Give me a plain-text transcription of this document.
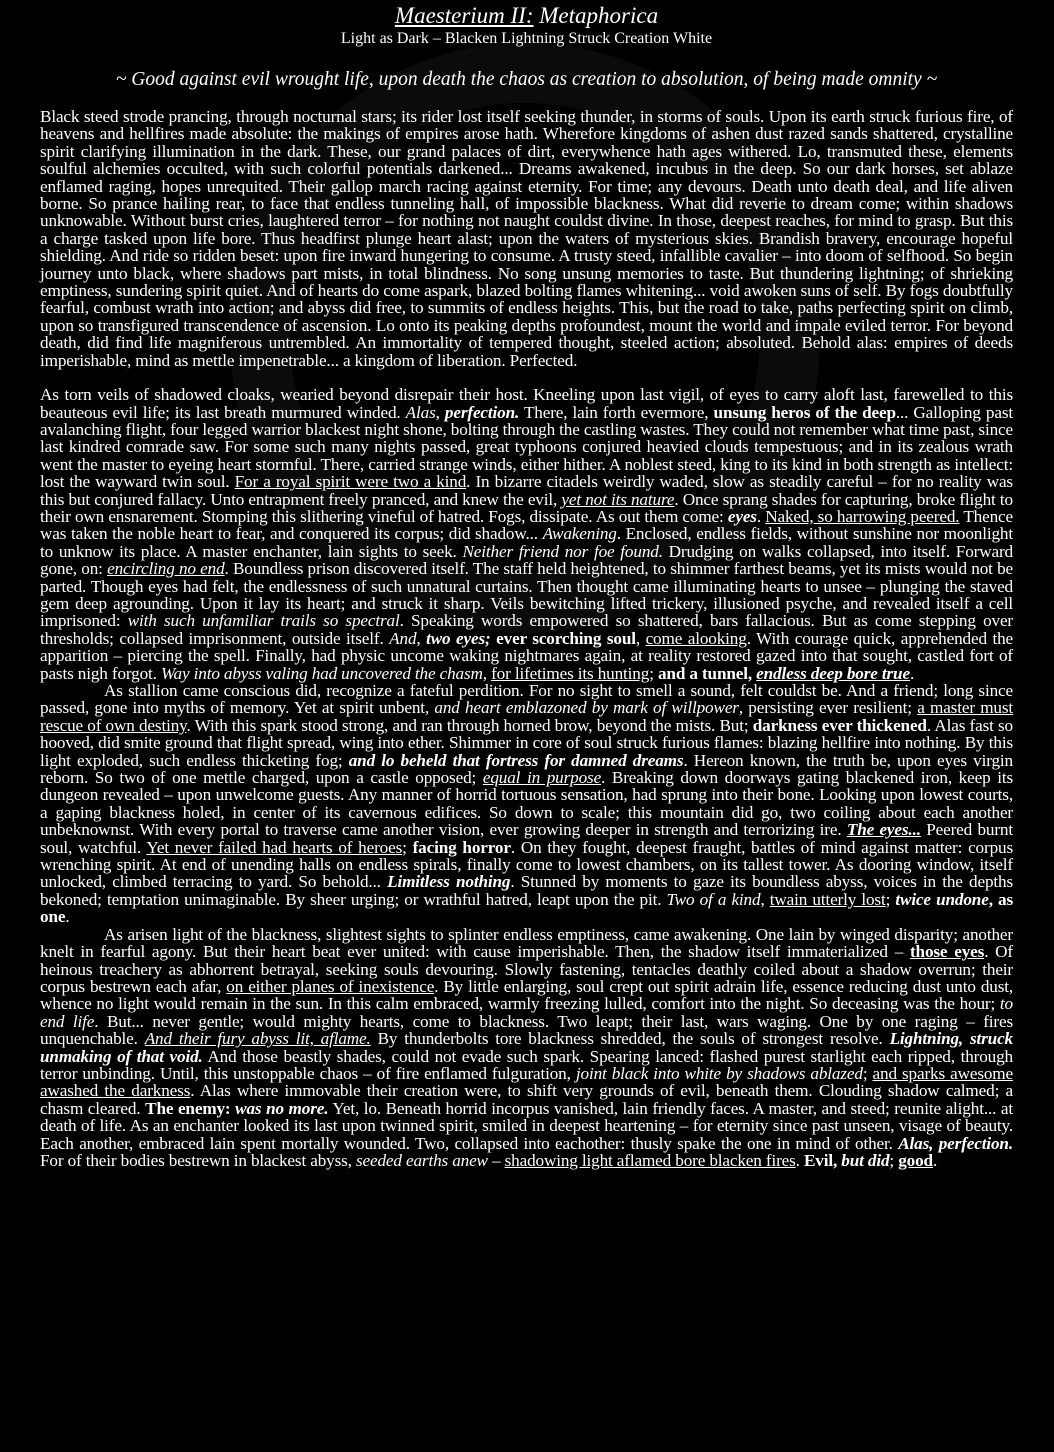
Maesterium II: Metaphorica
Light as Dark – Blacken Lightning Struck Creation White
~ Good against evil wrought life, upon death the chaos as creation to absolution, of being made omnity ~

Black steed strode prancing, through nocturnal stars; its rider lost itself seeking thunder, in storms of souls. Upon its earth struck furious fire, of heavens and hellfires made absolute: the makings of empires arose hath. Wherefore kingdoms of ashen dust razed sands shattered, crystalline spirit clarifying illumination in the dark. These, our grand palaces of dirt, everywhence hath ages withered. Lo, transmuted these, elements soulful alchemies occulted, with such colorful potentials darkened... Dreams awakened, incubus in the deep. So our dark horses, set ablaze enflamed raging, hopes unrequited. Their gallop march racing against eternity. For time; any devours. Death unto death deal, and life aliven borne. So prance hailing rear, to face that endless tunneling hall, of impossible blackness. What did reverie to dream come; within shadows unknowable. Without burst cries, laughtered terror – for nothing not naught couldst divine. In those, deepest reaches, for mind to grasp. But this a charge tasked upon life bore. Thus headfirst plunge heart alast; upon the waters of mysterious skies. Brandish bravery, encourage hopeful shielding. And ride so ridden beset: upon fire inward hungering to consume. A trusty steed, infallible cavalier – into doom of selfhood. So begin journey unto black, where shadows part mists, in total blindness. No song unsung memories to taste. But thundering lightning; of shrieking emptiness, sundering spirit quiet. And of hearts do come aspark, blazed bolting flames whitening... void awoken suns of self. By fogs doubtfully fearful, combust wrath into action; and abyss did free, to summits of endless heights. This, but the road to take, paths perfecting spirit on climb, upon so transfigured transcendence of ascension. Lo onto its peaking depths profoundest, mount the world and impale eviled terror. For beyond death, did find life magniferous untrembled. An immortality of tempered thought, steeled action; absoluted. Behold alas: empires of deeds imperishable, mind as mettle impenetrable... a kingdom of liberation. Perfected.

As torn veils of shadowed cloaks, wearied beyond disrepair their host. Kneeling upon last vigil, of eyes to carry aloft last, farewelled to this beauteous evil life; its last breath murmured winded. Alas, perfection. There, lain forth evermore, unsung heros of the deep... Galloping past avalanching flight, four legged warrior blackest night shone, bolting through the castling wastes. They could not remember what time past, since last kindred comrade saw. For some such many nights passed, great typhoons conjured heavied clouds tempestuous; and in its zealous wrath went the master to eyeing heart stormful. There, carried strange winds, either hither. A noblest steed, king to its kind in both strength as intellect: lost the wayward twin soul. For a royal spirit were two a kind. In bizarre citadels weirdly waded, slow as steadily careful – for no reality was this but conjured fallacy. Unto entrapment freely pranced, and knew the evil, yet not its nature. Once sprang shades for capturing, broke flight to their own ensnarement. Stomping this slithering vineful of hatred. Fogs, dissipate. As out them come: eyes. Naked, so harrowing peered. Thence was taken the noble heart to fear, and conquered its corpus; did shadow... Awakening. Enclosed, endless fields, without sunshine nor moonlight to unknow its place. A master enchanter, lain sights to seek. Neither friend nor foe found. Drudging on walks collapsed, into itself. Forward gone, on: encircling no end. Boundless prison discovered itself. The staff held heightened, to shimmer farthest beams, yet its mists would not be parted. Though eyes had felt, the endlessness of such unnatural curtains. Then thought came illuminating hearts to unsee – plunging the staved gem deep agrounding. Upon it lay its heart; and struck it sharp. Veils bewitching lifted trickery, illusioned psyche, and revealed itself a cell imprisoned: with such unfamiliar trails so spectral. Speaking words empowered so shattered, bars fallacious. But as come stepping over thresholds; collapsed imprisonment, outside itself. And, two eyes; ever scorching soul, come alooking. With courage quick, apprehended the apparition – piercing the spell. Finally, had physic uncome waking nightmares again, at reality restored gazed into that sought, castled fort of pasts nigh forgot. Way into abyss valing had uncovered the chasm, for lifetimes its hunting; and a tunnel, endless deep bore true.

As stallion came conscious did, recognize a fateful perdition. For no sight to smell a sound, felt couldst be. And a friend; long since passed, gone into myths of memory. Yet at spirit unbent, and heart emblazoned by mark of willpower, persisting ever resilient; a master must rescue of own destiny. With this spark stood strong, and ran through horned brow, beyond the mists. But; darkness ever thickened. Alas fast so hooved, did smite ground that flight spread, wing into ether. Shimmer in core of soul struck furious flames: blazing hellfire into nothing. By this light exploded, such endless thicketing fog; and lo beheld that fortress for damned dreams. Hereon known, the truth be, upon eyes virgin reborn. So two of one mettle charged, upon a castle opposed; equal in purpose. Breaking down doorways gating blackened iron, keep its dungeon revealed – upon unwelcome guests. Any manner of horrid tortuous sensation, had sprung into their bone. Looking upon lowest courts, a gaping blackness holed, in center of its cavernous edifices. So down to scale; this mountain did go, two coiling about each another unbeknownst. With every portal to traverse came another vision, ever growing deeper in strength and terrorizing ire. The eyes... Peered burnt soul, watchful. Yet never failed had hearts of heroes; facing horror. On they fought, deepest fraught, battles of mind against matter: corpus wrenching spirit. At end of unending halls on endless spirals, finally come to lowest chambers, on its tallest tower. As dooring window, itself unlocked, climbed terracing to yard. So behold... Limitless nothing. Stunned by moments to gaze its boundless abyss, voices in the depths bekoned; temptation unimaginable. By sheer urging; or wrathful hatred, leapt upon the pit. Two of a kind, twain utterly lost; twice undone, as one.

As arisen light of the blackness, slightest sights to splinter endless emptiness, came awakening. One lain by winged disparity; another knelt in fearful agony. But their heart beat ever united: with cause imperishable. Then, the shadow itself immaterialized – those eyes. Of heinous treachery as abhorrent betrayal, seeking souls devouring. Slowly fastening, tentacles deathly coiled about a shadow overrun; their corpus bestrewn each afar, on either planes of inexistence. By little enlarging, soul crept out spirit adrain life, essence reducing dust unto dust, whence no light would remain in the sun. In this calm embraced, warmly freezing lulled, comfort into the night. So deceasing was the hour; to end life. But... never gentle; would mighty hearts, come to blackness. Two leapt; their last, wars waging. One by one raging – fires unquenchable. And their fury abyss lit, aflame. By thunderbolts tore blackness shredded, the souls of strongest resolve. Lightning, struck unmaking of that void. And those beastly shades, could not evade such spark. Spearing lanced: flashed purest starlight each ripped, through terror unbinding. Until, this unstoppable chaos – of fire enflamed fulguration, joint black into white by shadows ablazed; and sparks awesome awashed the darkness. Alas where immovable their creation were, to shift very grounds of evil, beneath them. Clouding shadow calmed; a chasm cleared. The enemy: was no more. Yet, lo. Beneath horrid incorpus vanished, lain friendly faces. A master, and steed; reunite alight... at death of life. As an enchanter looked its last upon twinned spirit, smiled in deepest heartening – for eternity since past unseen, visage of beauty. Each another, embraced lain spent mortally wounded. Two, collapsed into eachother: thusly spake the one in mind of other. Alas, perfection. For of their bodies bestrewn in blackest abyss, seeded earths anew – shadowing light aflamed bore blacken fires. Evil, but did; good.
